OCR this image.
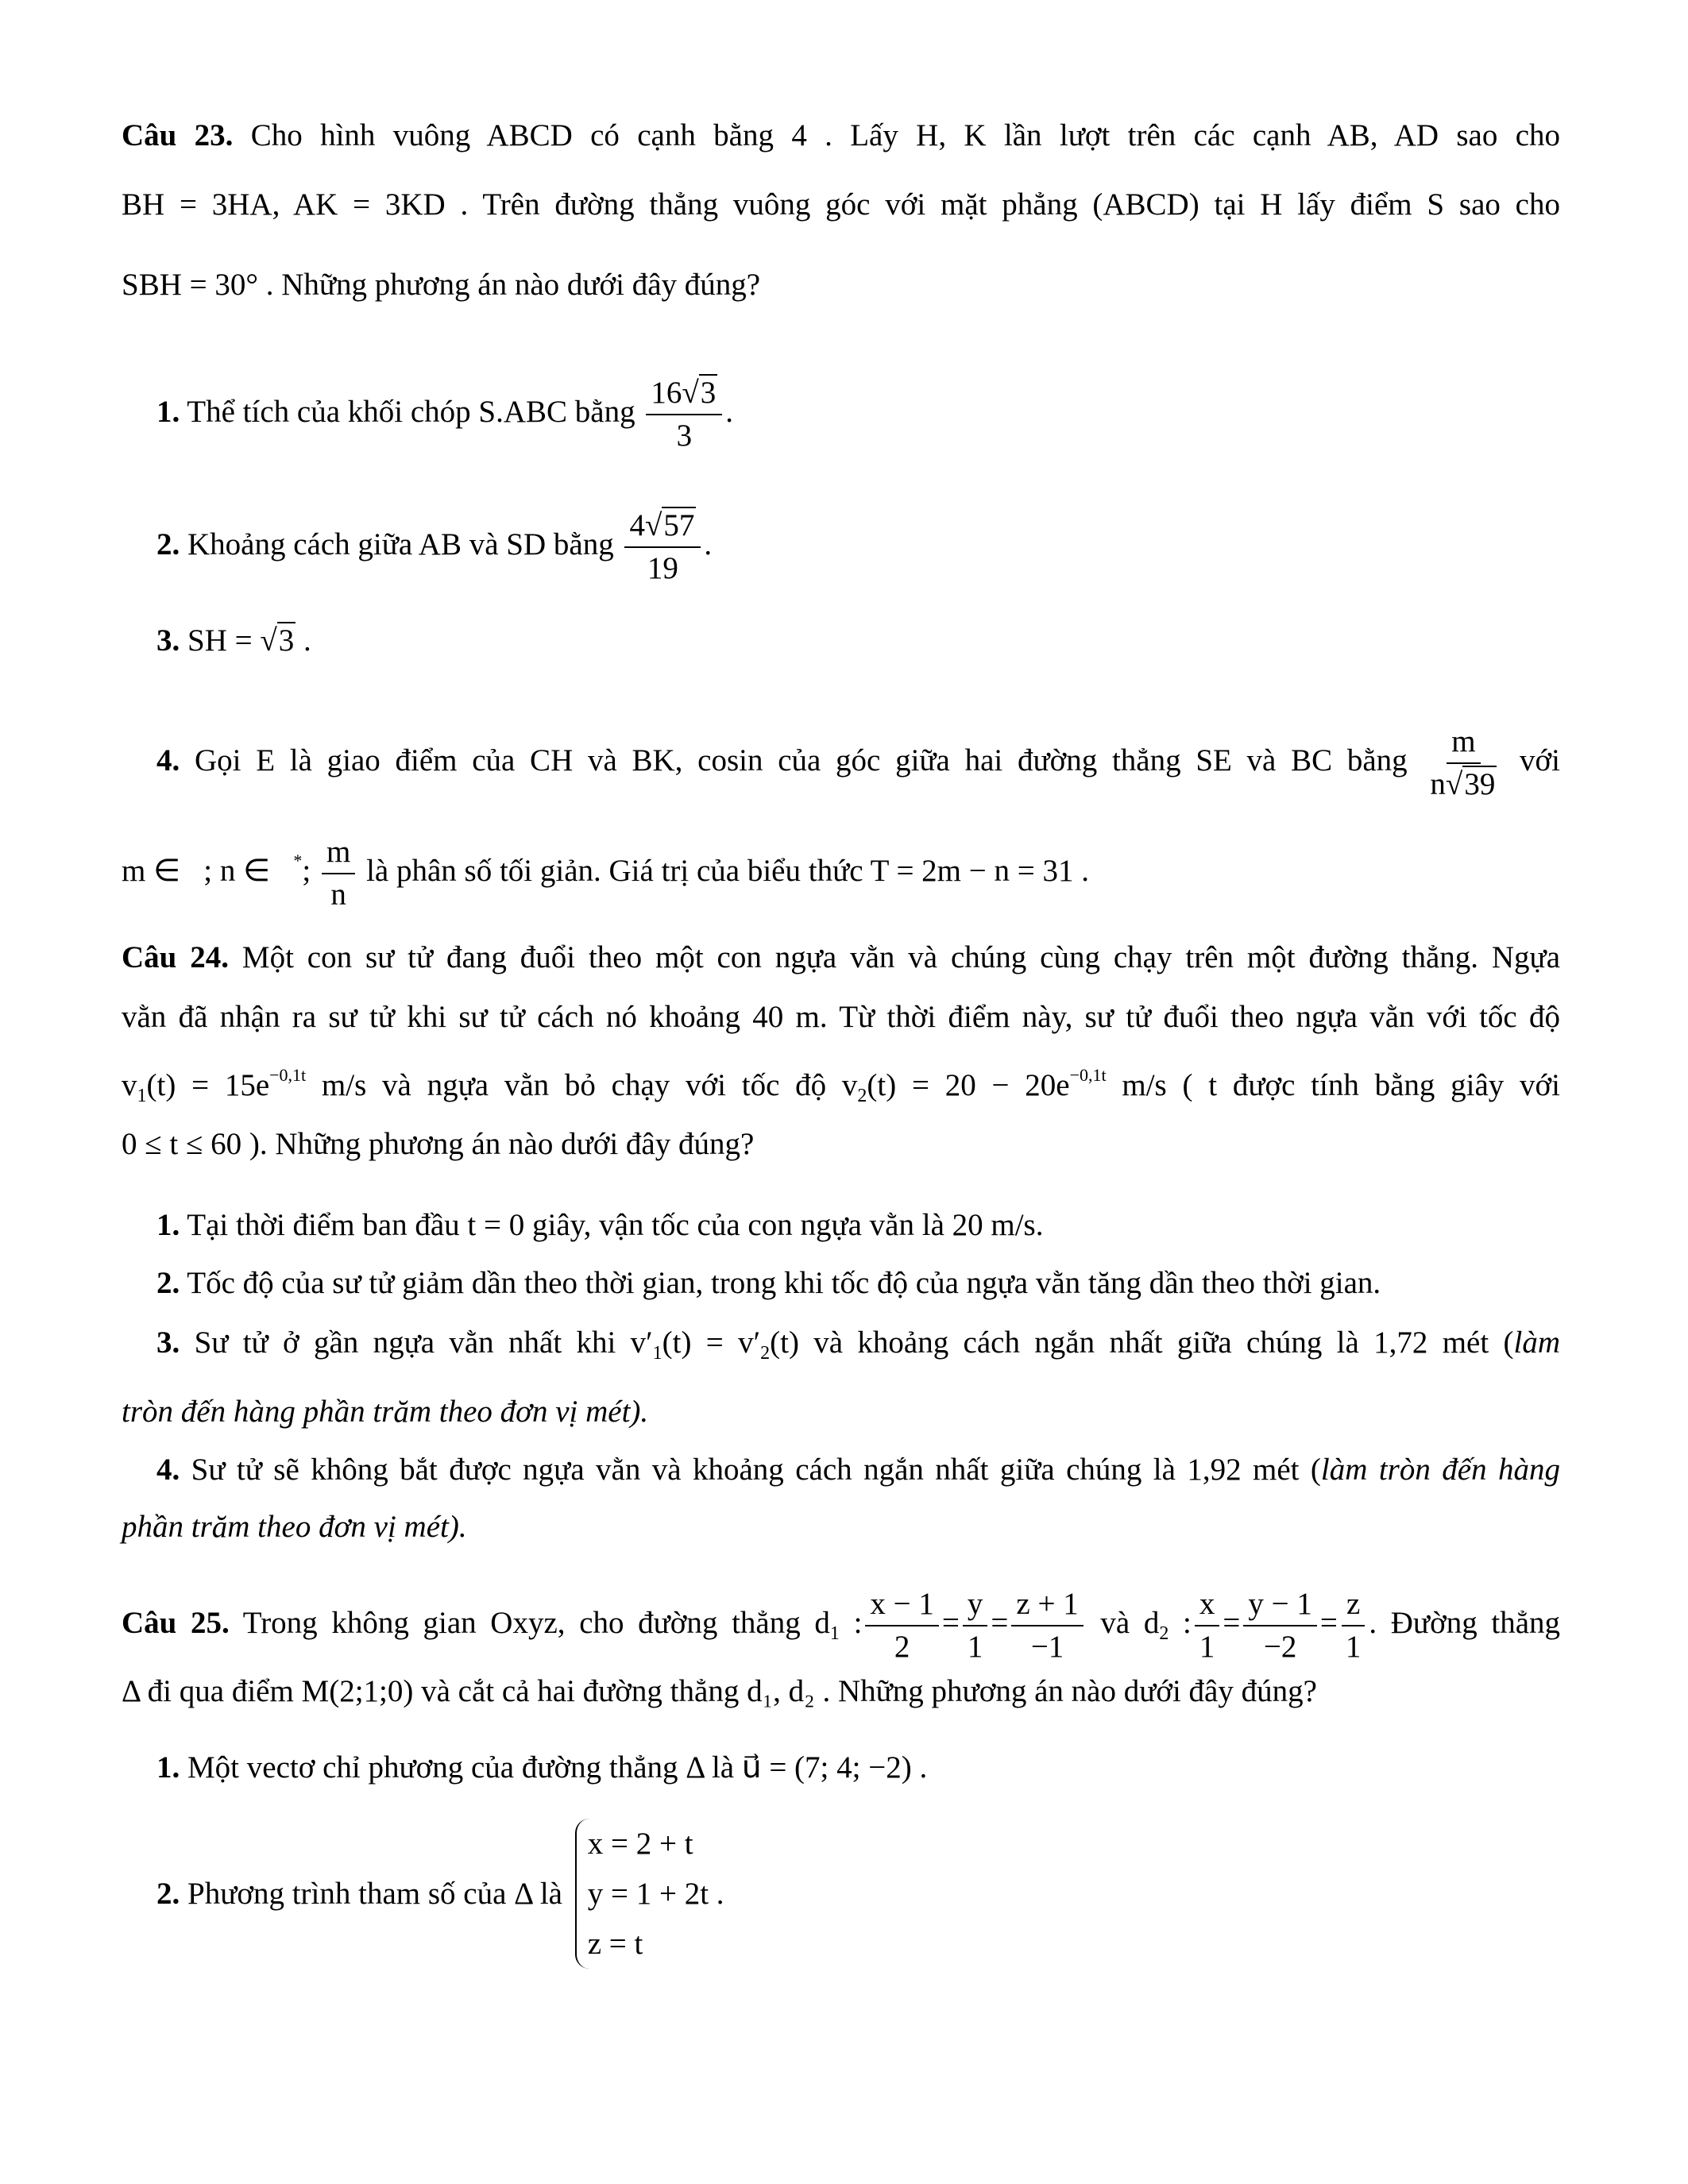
Câu 23. Cho hình vuông ABCD có cạnh bằng 4 . Lấy H, K lần lượt trên các cạnh AB, AD sao cho
BH = 3HA, AK = 3KD . Trên đường thẳng vuông góc với mặt phẳng (ABCD) tại H lấy điểm S sao cho
SBH = 30° . Những phương án nào dưới đây đúng?
1. Thể tích của khối chóp S.ABC bằng $\frac{16√3}{3}$ .
2. Khoảng cách giữa AB và SD bằng $\frac{4√57}{19}$ .
3. SH = √3 .
4. Gọi E là giao điểm của CH và BK, cosin của góc giữa hai đường thẳng SE và BC bằng $\frac{m}{n√39}$ với
m ∈   ; n ∈   *; $\frac{m}{n}$ là phân số tối giản. Giá trị của biểu thức T = 2m − n = 31 .
Câu 24. Một con sư tử đang đuổi theo một con ngựa vằn và chúng cùng chạy trên một đường thẳng. Ngựa
vằn đã nhận ra sư tử khi sư tử cách nó khoảng 40 m. Từ thời điểm này, sư tử đuổi theo ngựa vằn với tốc độ
$v_1(t) = 15e^{-0,1t}$ m/s và ngựa vằn bỏ chạy với tốc độ $v_2(t) = 20 - 20e^{-0,1t}$ m/s ( t được tính bằng giây với
0 ≤ t ≤ 60 ). Những phương án nào dưới đây đúng?
1. Tại thời điểm ban đầu t = 0 giây, vận tốc của con ngựa vằn là 20 m/s.
2. Tốc độ của sư tử giảm dần theo thời gian, trong khi tốc độ của ngựa vằn tăng dần theo thời gian.
3. Sư tử ở gần ngựa vằn nhất khi $v'_1(t) = v'_2(t)$ và khoảng cách ngắn nhất giữa chúng là 1,72 mét (làm
tròn đến hàng phần trăm theo đơn vị mét).
4. Sư tử sẽ không bắt được ngựa vằn và khoảng cách ngắn nhất giữa chúng là 1,92 mét (làm tròn đến hàng
phần trăm theo đơn vị mét).
Câu 25. Trong không gian Oxyz, cho đường thẳng $d_1$ : $\frac{x - 1}{2} = \frac{y}{1} = \frac{z + 1}{-1}$ và $d_2$ : $\frac{x}{1} = \frac{y - 1}{-2} = \frac{z}{1}$ . Đường thẳng
Δ đi qua điểm M(2;1;0) và cắt cả hai đường thẳng d₁, d₂ . Những phương án nào dưới đây đúng?
1. Một vectơ chỉ phương của đường thẳng Δ là u⃗ = (7; 4; −2) .
2. Phương trình tham số của Δ là
x = 2 + t
y = 1 + 2t .
z = t
